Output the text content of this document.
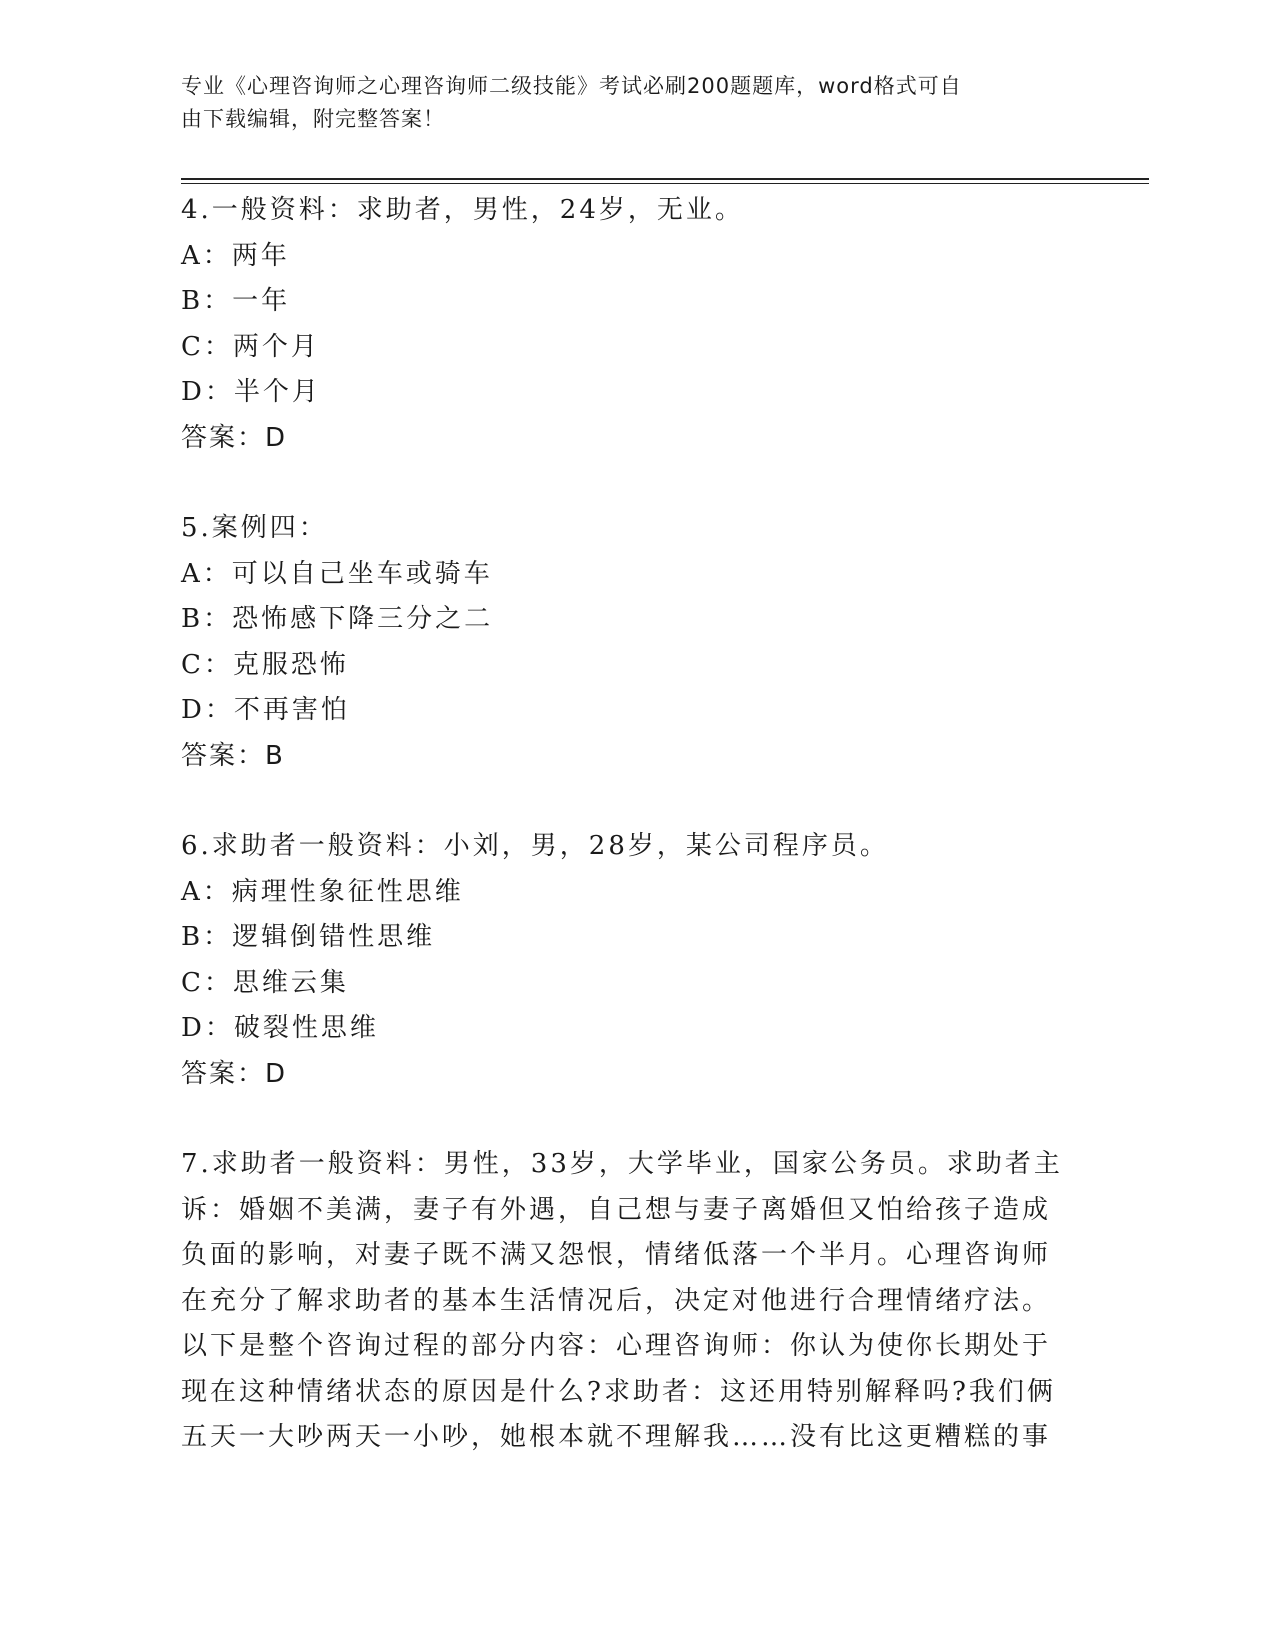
专业《心理咨询师之心理咨询师二级技能》考试必刷200题题库，word格式可自
由下载编辑，附完整答案！
4.一般资料：求助者，男性，24岁，无业。
A：两年
B：一年
C：两个月
D：半个月
答案：D
5.案例四：
A：可以自己坐车或骑车
B：恐怖感下降三分之二
C：克服恐怖
D：不再害怕
答案：B
6.求助者一般资料：小刘，男，28岁，某公司程序员。
A：病理性象征性思维
B：逻辑倒错性思维
C：思维云集
D：破裂性思维
答案：D
7.求助者一般资料：男性，33岁，大学毕业，国家公务员。求助者主
诉：婚姻不美满，妻子有外遇，自己想与妻子离婚但又怕给孩子造成
负面的影响，对妻子既不满又怨恨，情绪低落一个半月。心理咨询师
在充分了解求助者的基本生活情况后，决定对他进行合理情绪疗法。
以下是整个咨询过程的部分内容：心理咨询师：你认为使你长期处于
现在这种情绪状态的原因是什么?求助者：这还用特别解释吗?我们俩
五天一大吵两天一小吵，她根本就不理解我……没有比这更糟糕的事
